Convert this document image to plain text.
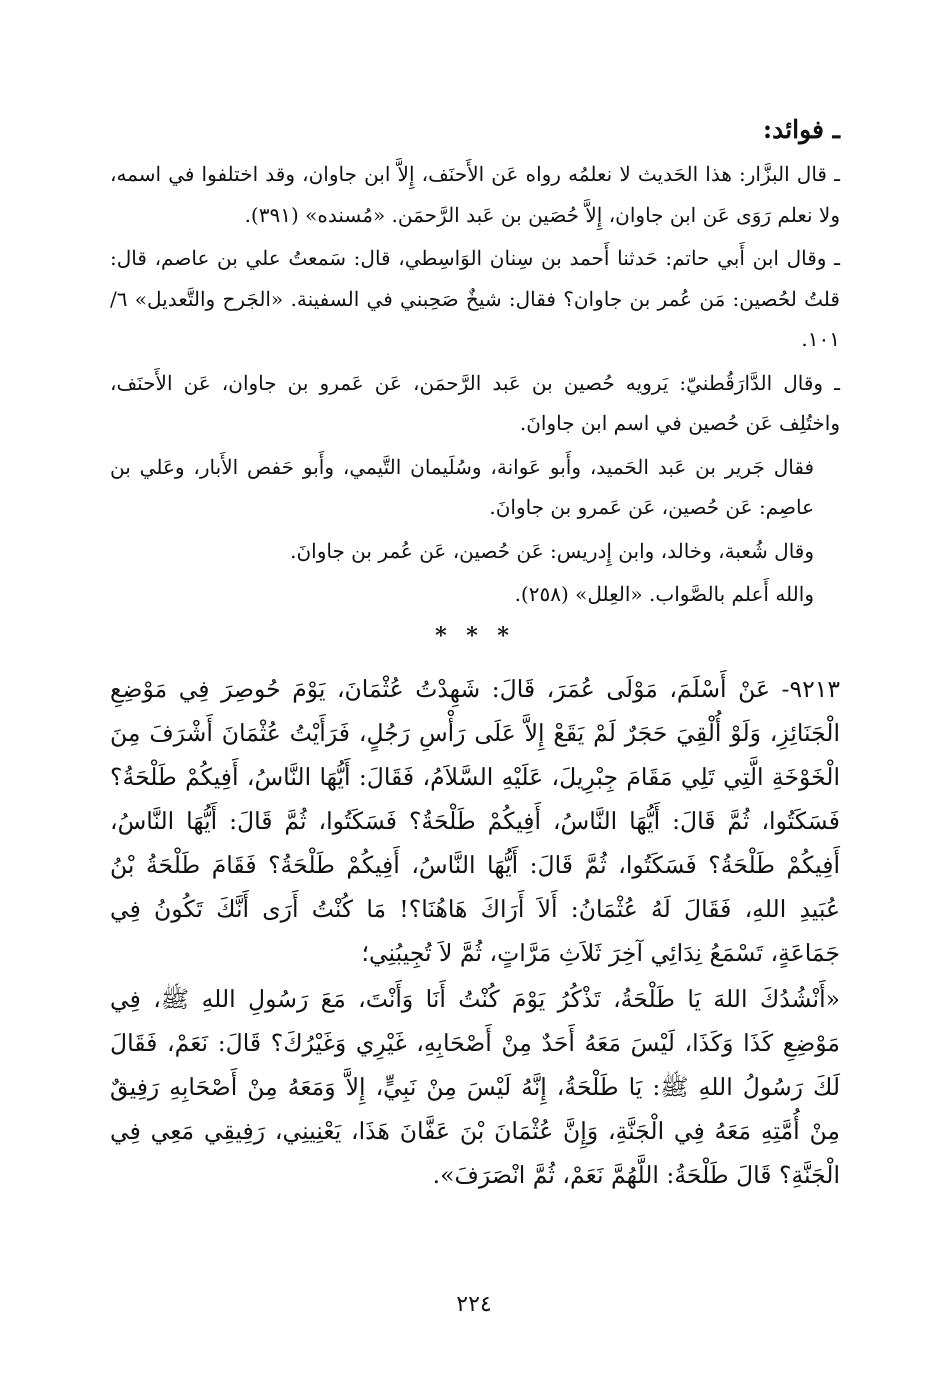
ـ فوائد:

ـ قال البزَّار: هذا الحَديث لا نعلمُه رواه عَن الأَحنَف، إِلاَّ ابن جاوان، وقد اختلفوا في اسمه، ولا نعلم رَوَى عَن ابن جاوان، إِلاَّ حُصَين بن عَبد الرَّحمَن. «مُسنده» (٣٩١).

ـ وقال ابن أَبي حاتم: حَدثنا أَحمد بن سِنان الوَاسِطي، قال: سَمعتُ علي بن عاصم، قال: قلتُ لحُصين: مَن عُمر بن جاوان؟ فقال: شيخٌ صَحِبني في السفينة. «الجَرح والتَّعديل» ٦/ ١٠١.

ـ وقال الدَّارَقُطنيّ: يَرويه حُصين بن عَبد الرَّحمَن، عَن عَمرو بن جاوان، عَن الأَحنَف، واختُلِف عَن حُصين في اسم ابن جاوانَ.

فقال جَرير بن عَبد الحَميد، وأَبو عَوانة، وسُلَيمان التَّيمي، وأَبو حَفص الأَبار، وعَلي بن عاصِم: عَن حُصين، عَن عَمرو بن جاوانَ.

وقال شُعبة، وخالد، وابن إِدريس: عَن حُصين، عَن عُمر بن جاوانَ.

والله أَعلم بالصَّواب. «العِلل» (٢٥٨).

* * *

٩٢١٣- عَنْ أَسْلَمَ، مَوْلَى عُمَرَ، قَالَ: شَهِدْتُ عُثْمَانَ، يَوْمَ حُوصِرَ فِي مَوْضِعِ الْجَنَائِزِ، وَلَوْ أُلْقِيَ حَجَرٌ لَمْ يَقَعْ إِلاَّ عَلَى رَأْسِ رَجُلٍ، فَرَأَيْتُ عُثْمَانَ أَشْرَفَ مِنَ الْخَوْخَةِ الَّتِي تَلِي مَقَامَ جِبْرِيلَ، عَلَيْهِ السَّلاَمُ، فَقَالَ: أَيُّهَا النَّاسُ، أَفِيكُمْ طَلْحَةُ؟ فَسَكَتُوا، ثُمَّ قَالَ: أَيُّهَا النَّاسُ، أَفِيكُمْ طَلْحَةُ؟ فَسَكَتُوا، ثُمَّ قَالَ: أَيُّهَا النَّاسُ، أَفِيكُمْ طَلْحَةُ؟ فَسَكَتُوا، ثُمَّ قَالَ: أَيُّهَا النَّاسُ، أَفِيكُمْ طَلْحَةُ؟ فَقَامَ طَلْحَةُ بْنُ عُبَيدِ اللهِ، فَقَالَ لَهُ عُثْمَانُ: أَلاَ أَرَاكَ هَاهُنَا؟! مَا كُنْتُ أَرَى أَنَّكَ تَكُونُ فِي جَمَاعَةٍ، تَسْمَعُ نِدَائِي آخِرَ ثَلاَثِ مَرَّاتٍ، ثُمَّ لاَ تُجِيبُنِي؛

«أَنْشُدُكَ اللهَ يَا طَلْحَةُ، تَذْكُرُ يَوْمَ كُنْتُ أَنَا وَأَنْتَ، مَعَ رَسُولِ اللهِ ﷺ، فِي مَوْضِعِ كَذَا وَكَذَا، لَيْسَ مَعَهُ أَحَدٌ مِنْ أَصْحَابِهِ، غَيْرِي وَغَيْرُكَ؟ قَالَ: نَعَمْ، فَقَالَ لَكَ رَسُولُ اللهِ ﷺ: يَا طَلْحَةُ، إِنَّهُ لَيْسَ مِنْ نَبِيٍّ، إِلاَّ وَمَعَهُ مِنْ أَصْحَابِهِ رَفِيقٌ مِنْ أُمَّتِهِ مَعَهُ فِي الْجَنَّةِ، وَإِنَّ عُثْمَانَ بْنَ عَفَّانَ هَذَا، يَعْنِينِي، رَفِيقِي مَعِي فِي الْجَنَّةِ؟ قَالَ طَلْحَةُ: اللَّهُمَّ نَعَمْ، ثُمَّ انْصَرَفَ».

٢٢٤
